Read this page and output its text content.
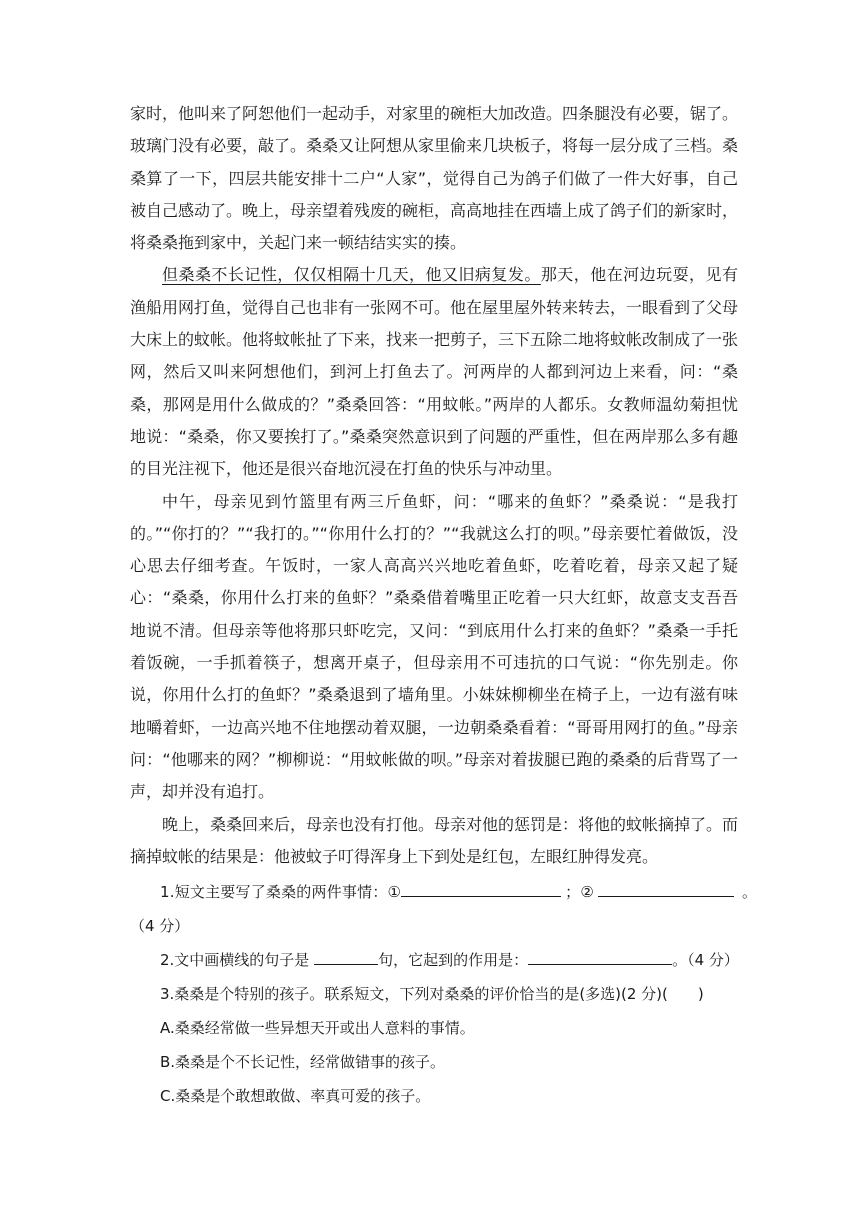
家时，他叫来了阿恕他们一起动手，对家里的碗柜大加改造。四条腿没有必要，锯了。玻璃门没有必要，敲了。桑桑又让阿想从家里偷来几块板子，将每一层分成了三档。桑桑算了一下，四层共能安排十二户“人家”，觉得自己为鸽子们做了一件大好事，自己被自己感动了。晚上，母亲望着残废的碗柜，高高地挂在西墙上成了鸽子们的新家时，将桑桑拖到家中，关起门来一顿结结实实的揍。

但桑桑不长记性，仅仅相隔十几天，他又旧病复发。那天，他在河边玩耍，见有渔船用网打鱼，觉得自己也非有一张网不可。他在屋里屋外转来转去，一眼看到了父母大床上的蚊帐。他将蚊帐扯了下来，找来一把剪子，三下五除二地将蚊帐改制成了一张网，然后又叫来阿想他们，到河上打鱼去了。河两岸的人都到河边上来看，问：“桑桑，那网是用什么做成的？”桑桑回答：“用蚊帐。”两岸的人都乐。女教师温幼菊担忧地说：“桑桑，你又要挨打了。”桑桑突然意识到了问题的严重性，但在两岸那么多有趣的目光注视下，他还是很兴奋地沉浸在打鱼的快乐与冲动里。

中午，母亲见到竹篮里有两三斤鱼虾，问：“哪来的鱼虾？”桑桑说：“是我打的。”“你打的？”“我打的。”“你用什么打的？”“我就这么打的呗。”母亲要忙着做饭，没心思去仔细考查。午饭时，一家人高高兴兴地吃着鱼虾，吃着吃着，母亲又起了疑心：“桑桑，你用什么打来的鱼虾？”桑桑借着嘴里正吃着一只大红虾，故意支支吾吾地说不清。但母亲等他将那只虾吃完，又问：“到底用什么打来的鱼虾？”桑桑一手托着饭碗，一手抓着筷子，想离开桌子，但母亲用不可违抗的口气说：“你先别走。你说，你用什么打的鱼虾？”桑桑退到了墙角里。小妹妹柳柳坐在椅子上，一边有滋有味地嚼着虾，一边高兴地不住地摆动着双腿，一边朝桑桑看着：“哥哥用网打的鱼。”母亲问：“他哪来的网？”柳柳说：“用蚊帐做的呗。”母亲对着拔腿已跑的桑桑的后背骂了一声，却并没有追打。

晚上，桑桑回来后，母亲也没有打他。母亲对他的惩罚是：将他的蚊帐摘掉了。而摘掉蚊帐的结果是：他被蚊子叮得浑身上下到处是红包，左眼红肿得发亮。

1.短文主要写了桑桑的两件事情：①	；②	。

（4 分）

2.文中画横线的句子是	句，它起到的作用是：	。（4 分）

3.桑桑是个特别的孩子。联系短文，下列对桑桑的评价恰当的是(多选)(2 分)(　　)

A.桑桑经常做一些异想天开或出人意料的事情。

B.桑桑是个不长记性，经常做错事的孩子。

C.桑桑是个敢想敢做、率真可爱的孩子。
